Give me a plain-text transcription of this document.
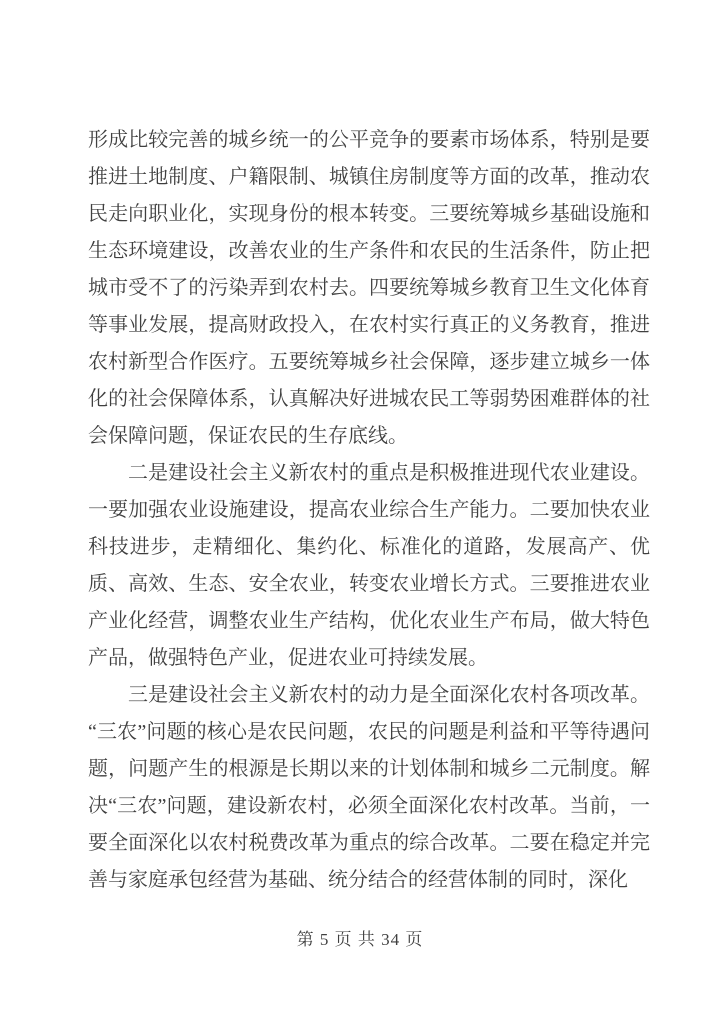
形成比较完善的城乡统一的公平竞争的要素市场体系，特别是要推进土地制度、户籍限制、城镇住房制度等方面的改革，推动农民走向职业化，实现身份的根本转变。三要统筹城乡基础设施和生态环境建设，改善农业的生产条件和农民的生活条件，防止把城市受不了的污染弄到农村去。四要统筹城乡教育卫生文化体育等事业发展，提高财政投入，在农村实行真正的义务教育，推进农村新型合作医疗。五要统筹城乡社会保障，逐步建立城乡一体化的社会保障体系，认真解决好进城农民工等弱势困难群体的社会保障问题，保证农民的生存底线。

二是建设社会主义新农村的重点是积极推进现代农业建设。一要加强农业设施建设，提高农业综合生产能力。二要加快农业科技进步，走精细化、集约化、标准化的道路，发展高产、优质、高效、生态、安全农业，转变农业增长方式。三要推进农业产业化经营，调整农业生产结构，优化农业生产布局，做大特色产品，做强特色产业，促进农业可持续发展。

三是建设社会主义新农村的动力是全面深化农村各项改革。“三农”问题的核心是农民问题，农民的问题是利益和平等待遇问题，问题产生的根源是长期以来的计划体制和城乡二元制度。解决“三农”问题，建设新农村，必须全面深化农村改革。当前，一要全面深化以农村税费改革为重点的综合改革。二要在稳定并完善与家庭承包经营为基础、统分结合的经营体制的同时，深化

第 5 页 共 34 页
